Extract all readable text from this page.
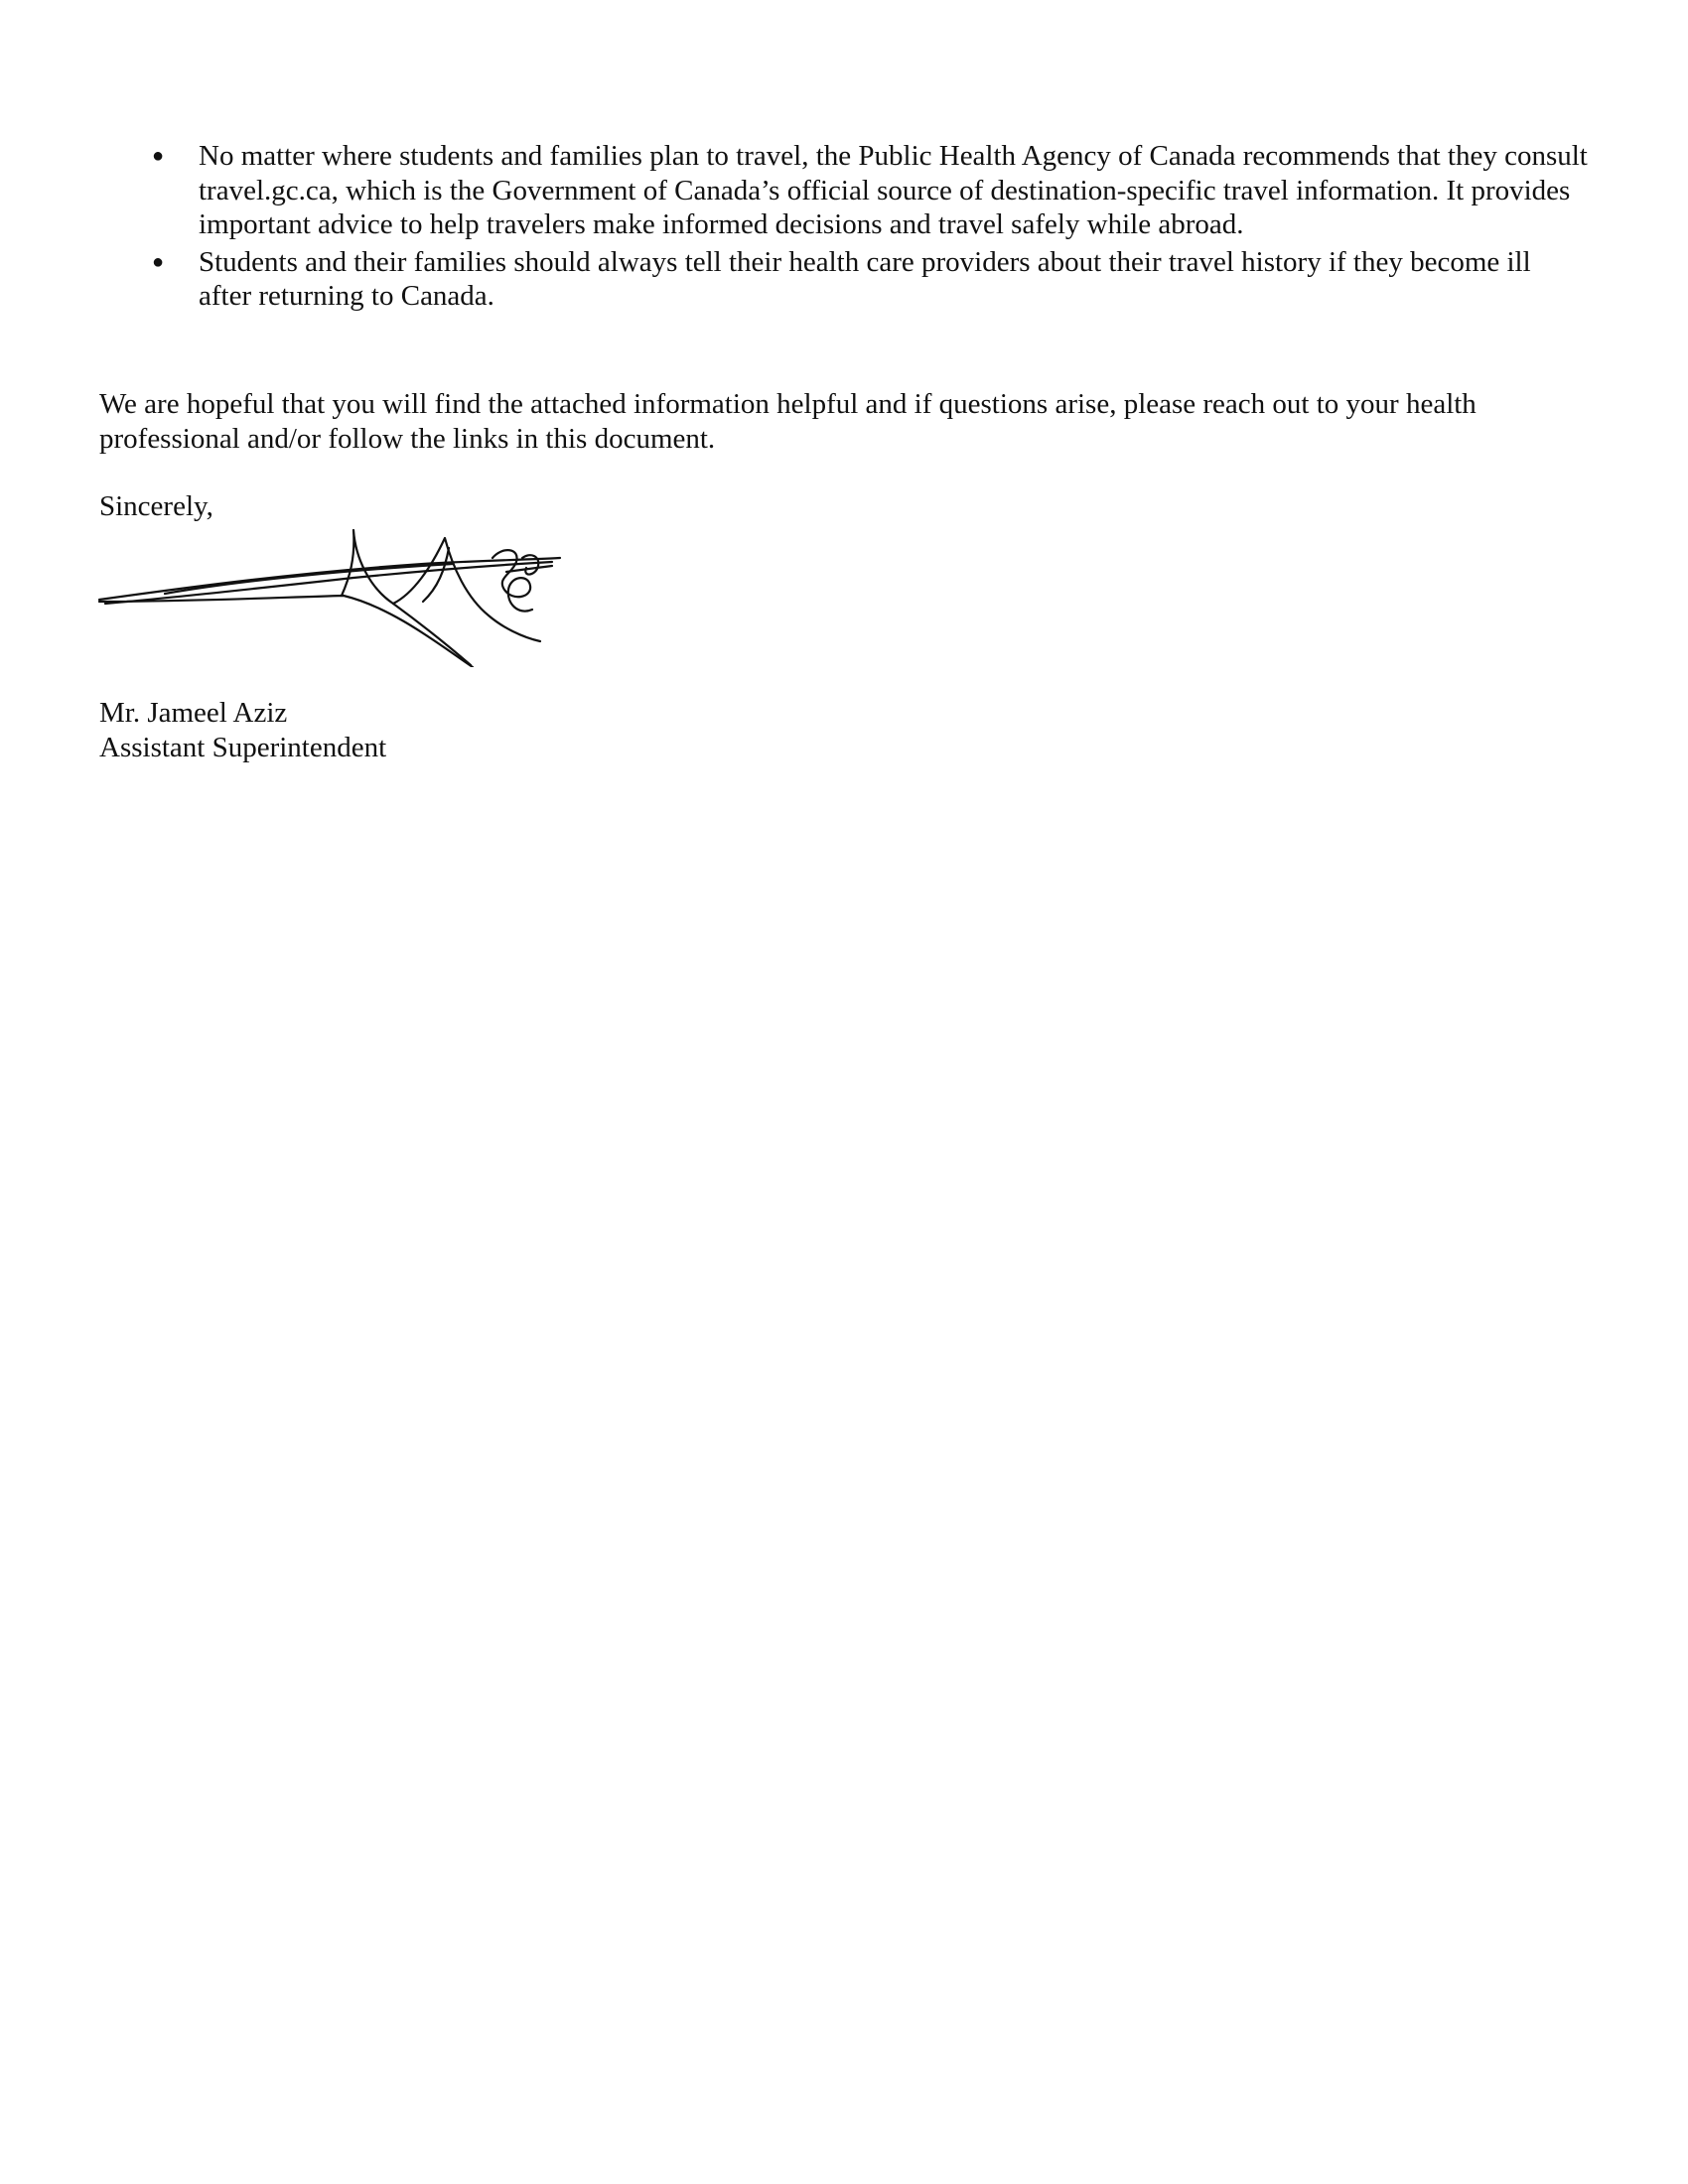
● No matter where students and families plan to travel, the Public Health Agency of Canada recommends that they consult travel.gc.ca, which is the Government of Canada’s official source of destination-specific travel information. It provides important advice to help travelers make informed decisions and travel safely while abroad.
● Students and their families should always tell their health care providers about their travel history if they become ill after returning to Canada.

We are hopeful that you will find the attached information helpful and if questions arise, please reach out to your health professional and/or follow the links in this document.

Sincerely,

Mr. Jameel Aziz

Assistant Superintendent
